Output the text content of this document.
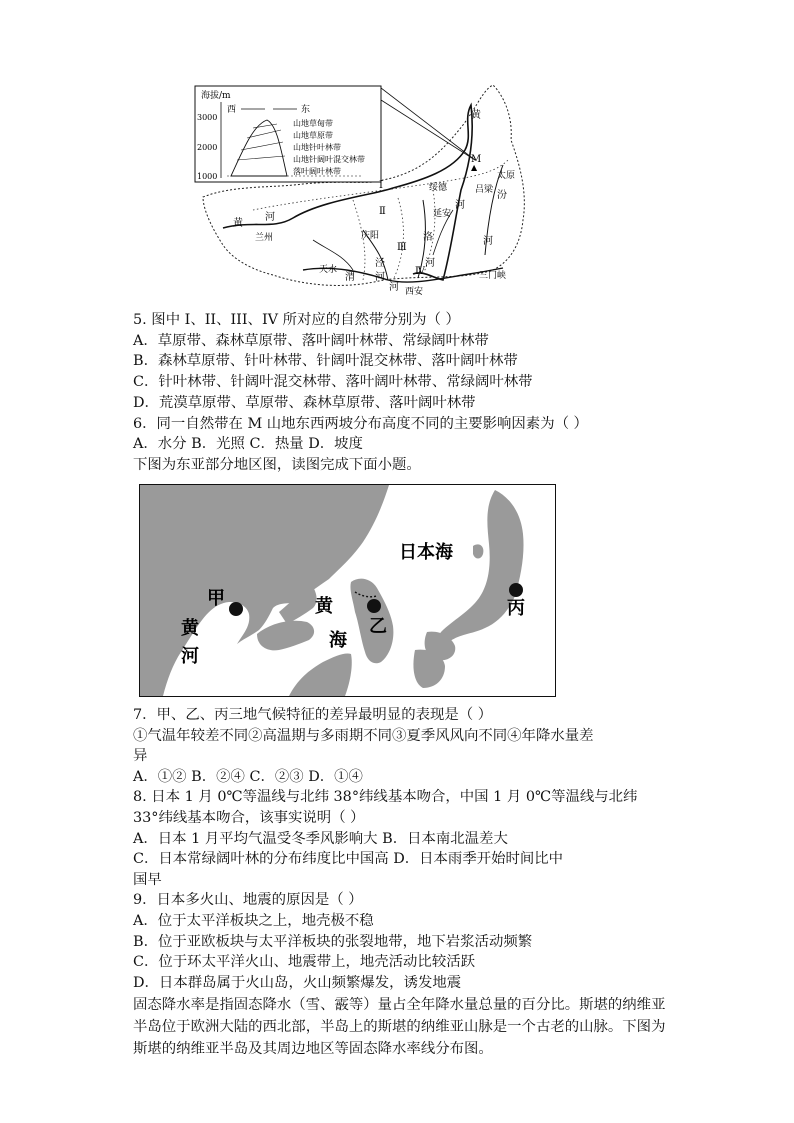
海拔/m
3000
2000
1000
西	东
山地草甸带
山地草原带
山地针叶林带
山地针阔叶混交林带
落叶阔叶林带
黄
M
▲
太原
绥德	吕梁 汾
河
延安
Ⅰ
Ⅱ
庆阳
Ⅲ
洛	河
黄
河
兰州
泾
河
Ⅳ
河
天水
渭
河 西安
三门峡
5. 图中 I、II、III、IV 所对应的自然带分别为（ ）
A．草原带、森林草原带、落叶阔叶林带、常绿阔叶林带
B．森林草原带、针叶林带、针阔叶混交林带、落叶阔叶林带
C．针叶林带、针阔叶混交林带、落叶阔叶林带、常绿阔叶林带
D．荒漠草原带、草原带、森林草原带、落叶阔叶林带
6．同一自然带在 M 山地东西两坡分布高度不同的主要影响因素为（ ）
A．水分 B．光照 C．热量 D．坡度
下图为东亚部分地区图，读图完成下面小题。
日本海
黄
海
甲
乙
丙
黄
河
7．甲、乙、丙三地气候特征的差异最明显的表现是（ ）
①气温年较差不同②高温期与多雨期不同③夏季风风向不同④年降水量差
异
A．①② B．②④ C．②③ D．①④
8. 日本 1 月 0℃等温线与北纬 38°纬线基本吻合，中国 1 月 0℃等温线与北纬
33°纬线基本吻合，该事实说明（ ）
A．日本 1 月平均气温受冬季风影响大 B．日本南北温差大
C．日本常绿阔叶林的分布纬度比中国高 D．日本雨季开始时间比中
国早
9．日本多火山、地震的原因是（ ）
A．位于太平洋板块之上，地壳极不稳
B．位于亚欧板块与太平洋板块的张裂地带，地下岩浆活动频繁
C．位于环太平洋火山、地震带上，地壳活动比较活跃
D．日本群岛属于火山岛，火山频繁爆发，诱发地震
固态降水率是指固态降水（雪、霰等）量占全年降水量总量的百分比。斯堪的纳维亚半岛位于欧洲大陆的西北部，半岛上的斯堪的纳维亚山脉是一个古老的山脉。下图为斯堪的纳维亚半岛及其周边地区等固态降水率线分布图。
